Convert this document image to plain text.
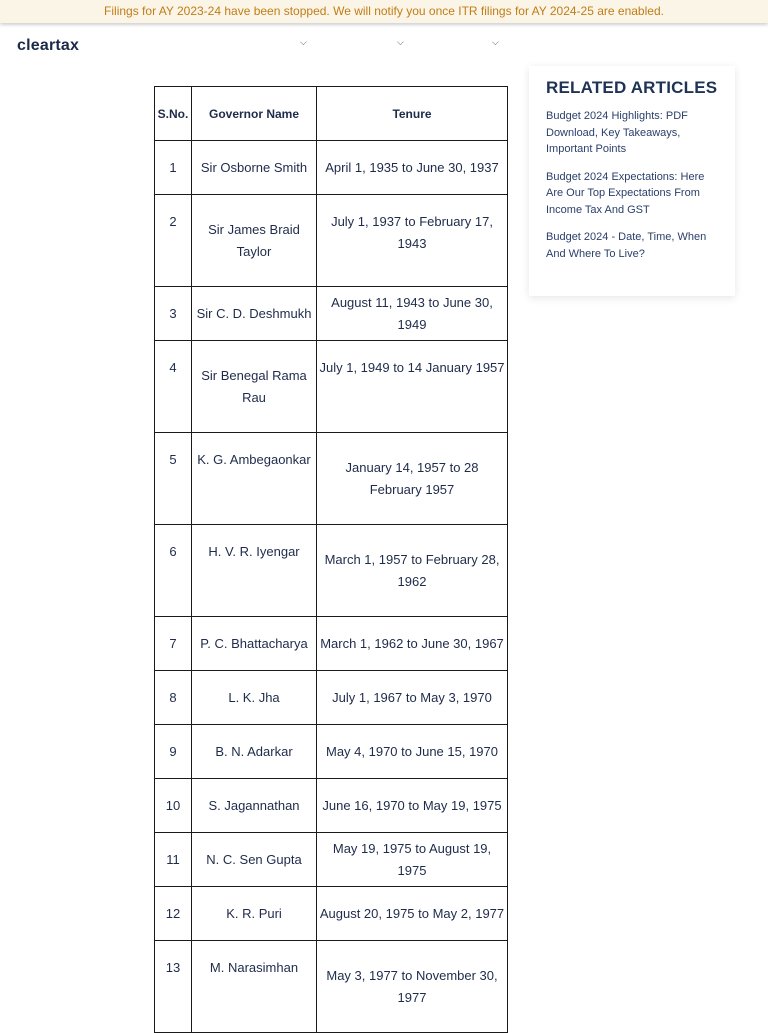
Filings for AY 2023-24 have been stopped. We will notify you once ITR filings for AY 2024-25 are enabled.
cleartax	⌵	⌵	⌵
S.No.	Governor Name	Tenure
1	Sir Osborne Smith	April 1, 1935 to June 30, 1937
2	Sir James Braid Taylor	July 1, 1937 to February 17, 1943
3	Sir C. D. Deshmukh	August 11, 1943 to June 30, 1949
4	Sir Benegal Rama Rau	July 1, 1949 to 14 January 1957
5	K. G. Ambegaonkar	January 14, 1957 to 28 February 1957
6	H. V. R. Iyengar	March 1, 1957 to February 28, 1962
7	P. C. Bhattacharya	March 1, 1962 to June 30, 1967
8	L. K. Jha	July 1, 1967 to May 3, 1970
9	B. N. Adarkar	May 4, 1970 to June 15, 1970
10	S. Jagannathan	June 16, 1970 to May 19, 1975
11	N. C. Sen Gupta	May 19, 1975 to August 19, 1975
12	K. R. Puri	August 20, 1975 to May 2, 1977
13	M. Narasimhan	May 3, 1977 to November 30, 1977
RELATED ARTICLES
Budget 2024 Highlights: PDF Download, Key Takeaways, Important Points
Budget 2024 Expectations: Here Are Our Top Expectations From Income Tax And GST
Budget 2024 - Date, Time, When And Where To Live?
